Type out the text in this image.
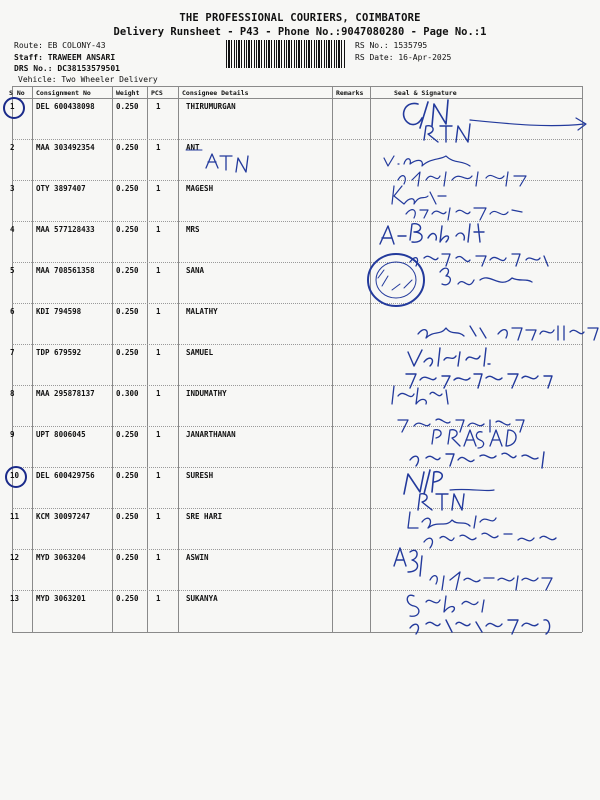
THE PROFESSIONAL COURIERS, COIMBATORE
Delivery Runsheet - P43 - Phone No.:9047080280 - Page No.:1
Route: EB COLONY-43
Staff: TRAWEEM ANSARI
DRS No.: DC38153579501
Vehicle: Two Wheeler Delivery
RS No.: 1535795
RS Date: 16-Apr-2025
S No Consignment No	Weight PCS	Consignee Details	Remarks	Seal & Signature
1	DEL 600438098	0.250 1	THIRUMURGAN
2	MAA 303492354	0.250 1	ANT
3	OTY 3897407	0.250 1	MAGESH
4	MAA 577128433	0.250 1	MRS
5	MAA 708561358	0.250 1	SANA
6	KDI 794598	0.250 1	MALATHY
7	TDP 679592	0.250 1	SAMUEL
8	MAA 295878137	0.300 1	INDUMATHY
9	UPT 8006045	0.250 1	JANARTHANAN
10 DEL 600429756	0.250 1	SURESH
11 KCM 30097247	0.250 1	SRE HARI
12 MYD 3063204	0.250 1	ASWIN
13 MYD 3063201	0.250 1	SUKANYA
